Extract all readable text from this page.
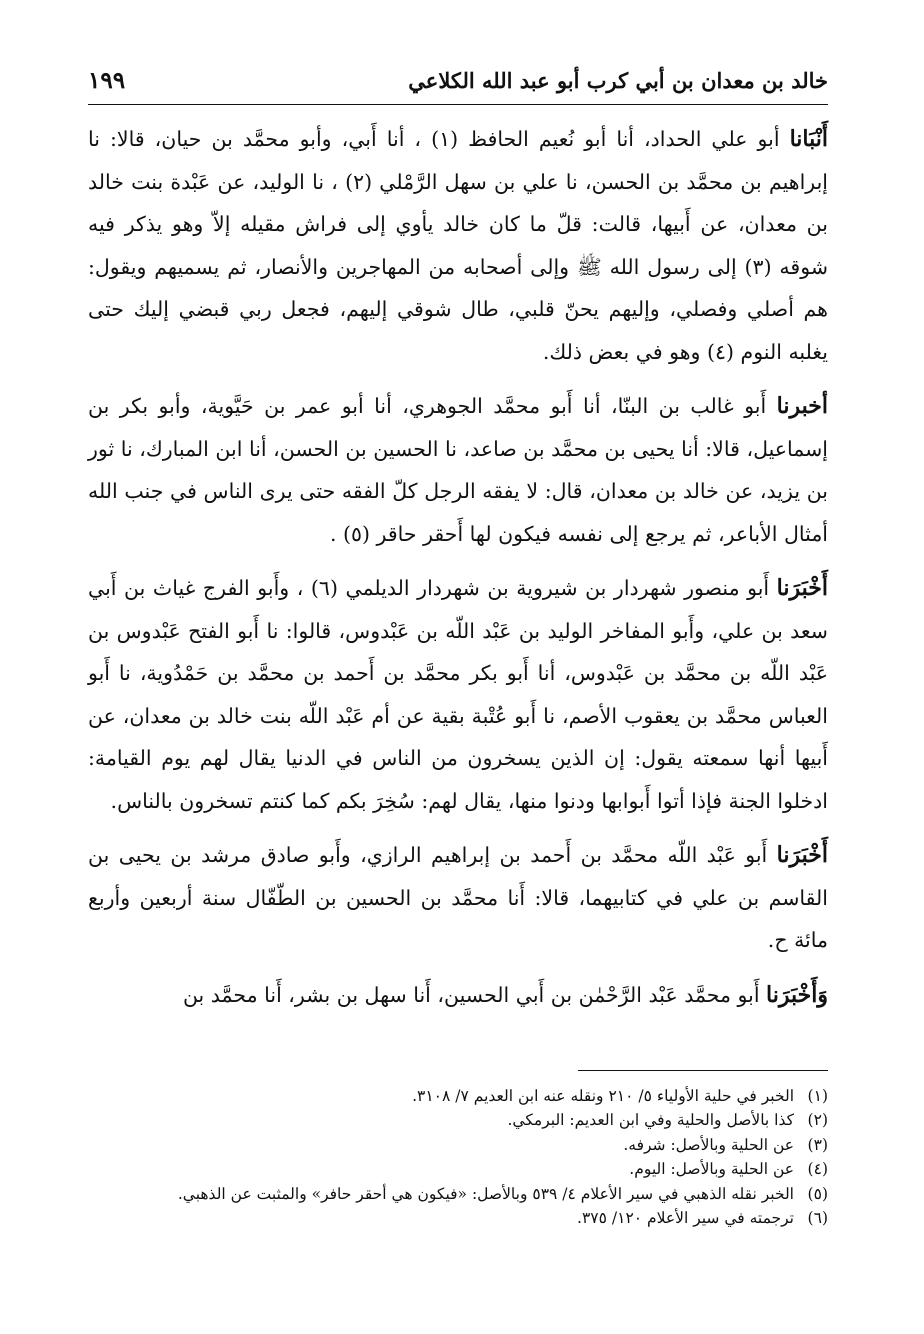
خالد بن معدان بن أبي كرب أبو عبد الله الكلاعي
١٩٩

أَنْبَانا أبو علي الحداد، أنا أبو نُعيم الحافظ (١) ، أنا أَبي، وأبو محمَّد بن حيان، قالا: نا إبراهيم بن محمَّد بن الحسن، نا علي بن سهل الرَّمْلي (٢) ، نا الوليد، عن عَبْدة بنت خالد بن معدان، عن أَبيها، قالت: قلّ ما كان خالد يأوي إلى فراش مقيله إلاّ وهو يذكر فيه شوقه (٣) إلى رسول الله ﷺ وإلى أصحابه من المهاجرين والأنصار، ثم يسميهم ويقول: هم أصلي وفصلي، وإليهم يحنّ قلبي، طال شوقي إليهم، فجعل ربي قبضي إليك حتى يغلبه النوم (٤) وهو في بعض ذلك.

أخبرنا أَبو غالب بن البنّا، أنا أَبو محمَّد الجوهري، أنا أبو عمر بن حَيَّوية، وأبو بكر بن إسماعيل، قالا: أنا يحيى بن محمَّد بن صاعد، نا الحسين بن الحسن، أنا ابن المبارك، نا ثور بن يزيد، عن خالد بن معدان، قال: لا يفقه الرجل كلّ الفقه حتى يرى الناس في جنب الله أمثال الأباعر، ثم يرجع إلى نفسه فيكون لها أَحقر حاقر (٥) .

أَخْبَرَنا أَبو منصور شهردار بن شيروية بن شهردار الديلمي (٦) ، وأَبو الفرج غياث بن أَبي سعد بن علي، وأَبو المفاخر الوليد بن عَبْد اللّه بن عَبْدوس، قالوا: نا أَبو الفتح عَبْدوس بن عَبْد اللّه بن محمَّد بن عَبْدوس، أنا أَبو بكر محمَّد بن أَحمد بن محمَّد بن حَمْدُوية، نا أَبو العباس محمَّد بن يعقوب الأصم، نا أَبو عُتْبة بقية عن أم عَبْد اللّه بنت خالد بن معدان، عن أَبيها أنها سمعته يقول: إن الذين يسخرون من الناس في الدنيا يقال لهم يوم القيامة: ادخلوا الجنة فإذا أتوا أَبوابها ودنوا منها، يقال لهم: سُخِرَ بكم كما كنتم تسخرون بالناس.

أَخْبَرَنا أَبو عَبْد اللّه محمَّد بن أَحمد بن إبراهيم الرازي، وأَبو صادق مرشد بن يحيى بن القاسم بن علي في كتابيهما، قالا: أَنا محمَّد بن الحسين بن الطّفّال سنة أربعين وأربع مائة ح.

وَأَخْبَرَنا أَبو محمَّد عَبْد الرَّحْمٰن بن أَبي الحسين، أَنا سهل بن بشر، أَنا محمَّد بن

(١)
الخبر في حلية الأولياء ٥/ ٢١٠ ونقله عنه ابن العديم ٧/ ٣١٠٨.
(٢)
كذا بالأصل والحلية وفي ابن العديم: البرمكي.
(٣)
عن الحلية وبالأصل: شرفه.
(٤)
عن الحلية وبالأصل: اليوم.
(٥)
الخبر نقله الذهبي في سير الأعلام ٤/ ٥٣٩ وبالأصل: «فيكون هي أحقر حافر» والمثبت عن الذهبي.
(٦)
ترجمته في سير الأعلام ١٢٠/ ٣٧٥.
